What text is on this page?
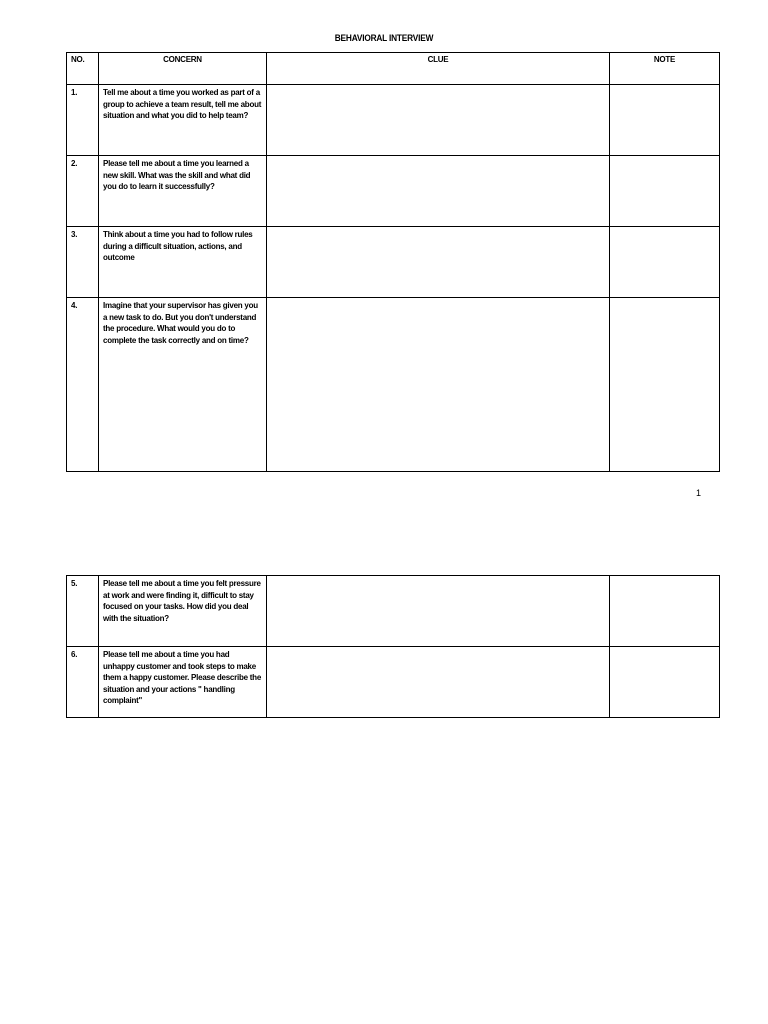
BEHAVIORAL INTERVIEW
NO.	CONCERN	CLUE	NOTE
1.	Tell me about a time you worked as part of a group to achieve a team result, tell me about situation and what you did to help team?		
2.	Please tell me about a time you learned a new skill. What was the skill and what did you do to learn it successfully?		
3.	Think about a time you had to follow rules during a difficult situation, actions, and outcome		
4.	Imagine that your supervisor has given you a new task to do. But you don't understand the procedure. What would you do to complete the task correctly and on time?		
1
5.	Please tell me about a time you felt pressure at work and were finding it, difficult to stay focused on your tasks. How did you deal with the situation?		
6.	Please tell me about a time you had unhappy customer and took steps to make them a happy customer. Please describe the situation and your actions " handling complaint"		
